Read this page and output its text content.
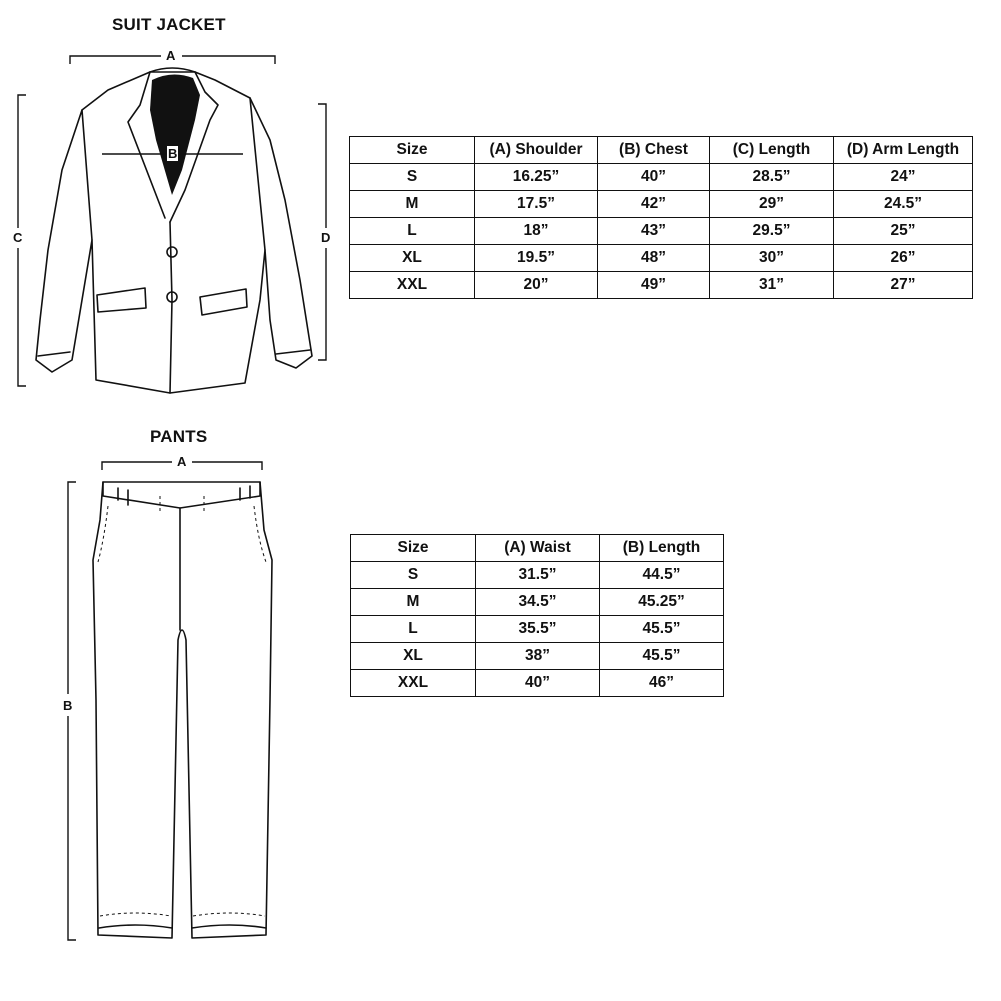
SUIT JACKET
PANTS
A
B
C	D
A
B
Size	(A) Shoulder	(B) Chest	(C) Length	(D) Arm Length
S	16.25”	40”	28.5”	24”
M	17.5”	42”	29”	24.5”
L	18”	43”	29.5”	25”
XL	19.5”	48”	30”	26”
XXL	20”	49”	31”	27”
Size	(A) Waist	(B) Length
S	31.5”	44.5”
M	34.5”	45.25”
L	35.5”	45.5”
XL	38”	45.5”
XXL	40”	46”
